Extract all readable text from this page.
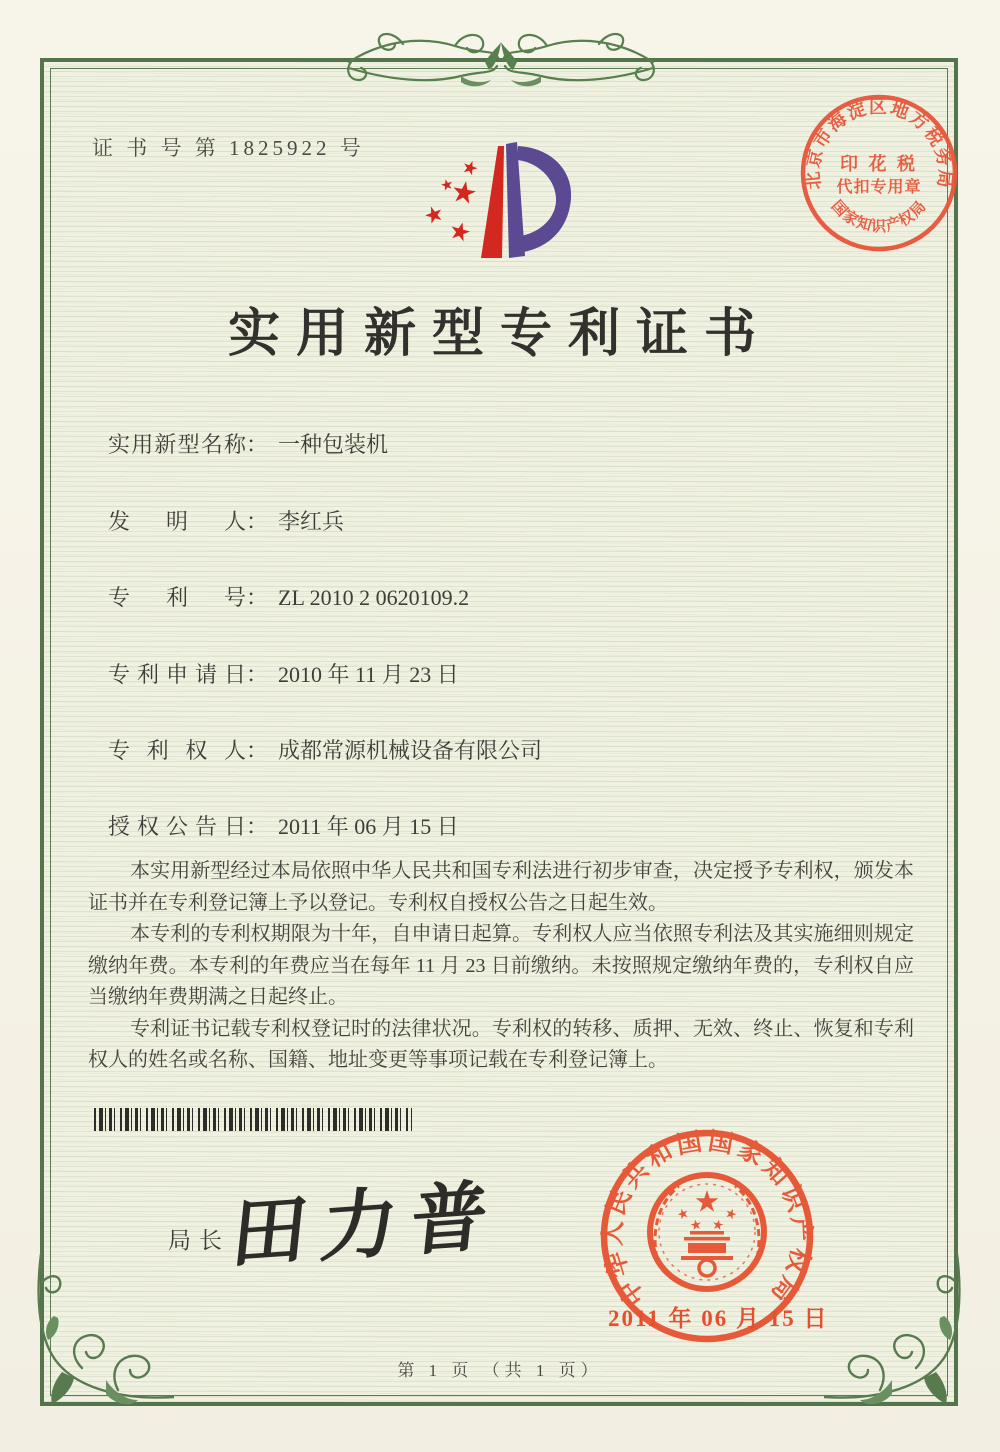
证 书 号 第 1825922 号
北京市海淀区地方税务局
国家知识产权局
印 花 税
代扣专用章
实用新型专利证书
实用新型名称： 一种包装机
发明人： 李红兵
专利号： ZL 2010 2 0620109.2
专利申请日： 2010 年 11 月 23 日
专利权人： 成都常源机械设备有限公司
授权公告日： 2011 年 06 月 15 日

本实用新型经过本局依照中华人民共和国专利法进行初步审查，决定授予专利权，颁发本证书并在专利登记簿上予以登记。专利权自授权公告之日起生效。

本专利的专利权期限为十年，自申请日起算。专利权人应当依照专利法及其实施细则规定缴纳年费。本专利的年费应当在每年 11 月 23 日前缴纳。未按照规定缴纳年费的，专利权自应当缴纳年费期满之日起终止。

专利证书记载专利权登记时的法律状况。专利权的转移、质押、无效、终止、恢复和专利权人的姓名或名称、国籍、地址变更等事项记载在专利登记簿上。

局长
田力普
中华人民共和国国家知识产权局
2011 年 06 月 15 日
第 1 页 （共 1 页）
